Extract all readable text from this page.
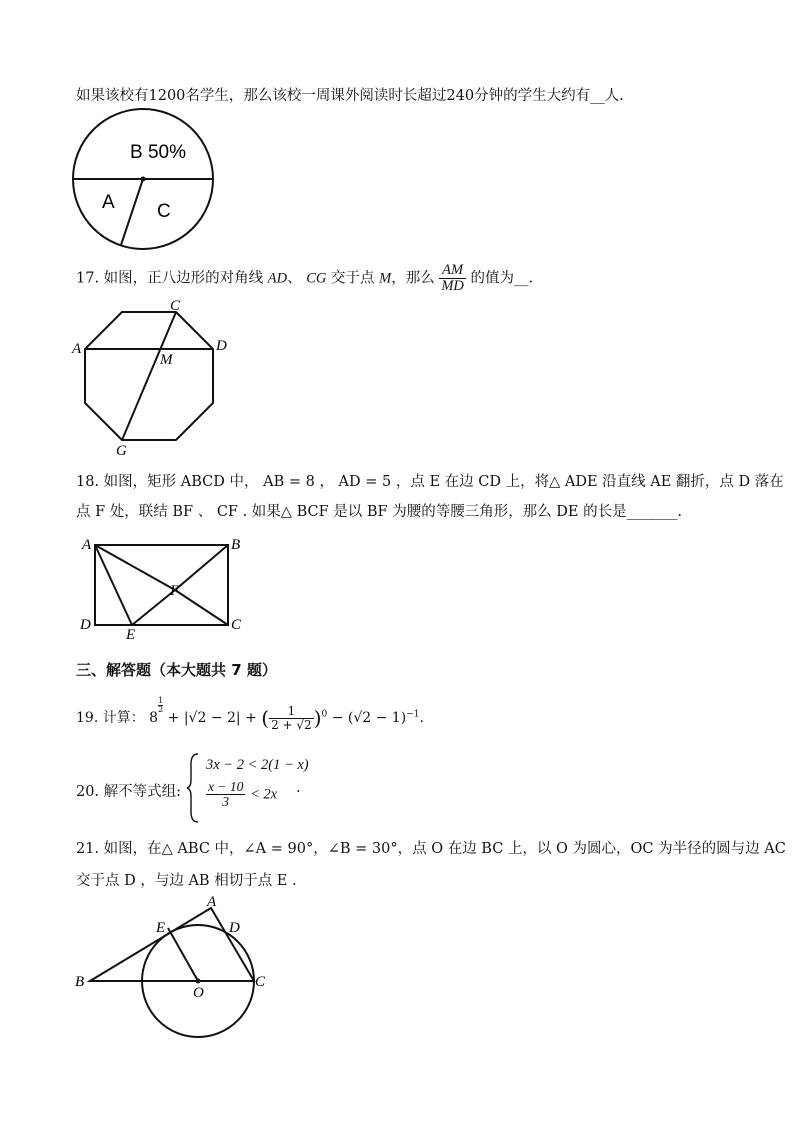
如果该校有1200名学生，那么该校一周课外阅读时长超过240分钟的学生大约有__人.
B 50%
A C
17. 如图，正八边形的对角线 AD、 CG 交于点 M，那么 $\frac{AM}{MD}$ 的值为__.
A
C
D
M
G
18. 如图，矩形 ABCD 中， AB = 8 ， AD = 5 ，点 E 在边 CD 上，将△ ADE 沿直线 AE 翻折，点 D 落在
点 F 处，联结 BF 、 CF . 如果△ BCF 是以 BF 为腰的等腰三角形，那么 DE 的长是_______.
A	B
C
D
E
F
三、解答题（本大题共 7 题）
19. 计算： 8
$^{\frac{1}{2}}$
+ |√2 − 2| + ( $\frac{1}{2 + √2} )^0 - (√2 - 1)^{-1}$.
20. 解不等式组:
3x − 2 < 2(1 − x)
$\frac{x - 10}{3} < 2x$ .
21. 如图，在△ ABC 中，∠A = 90°，∠B = 30°，点 O 在边 BC 上，以 O 为圆心，OC 为半径的圆与边 AC
交于点 D ，与边 AB 相切于点 E .
A
B	C
D
E
O
